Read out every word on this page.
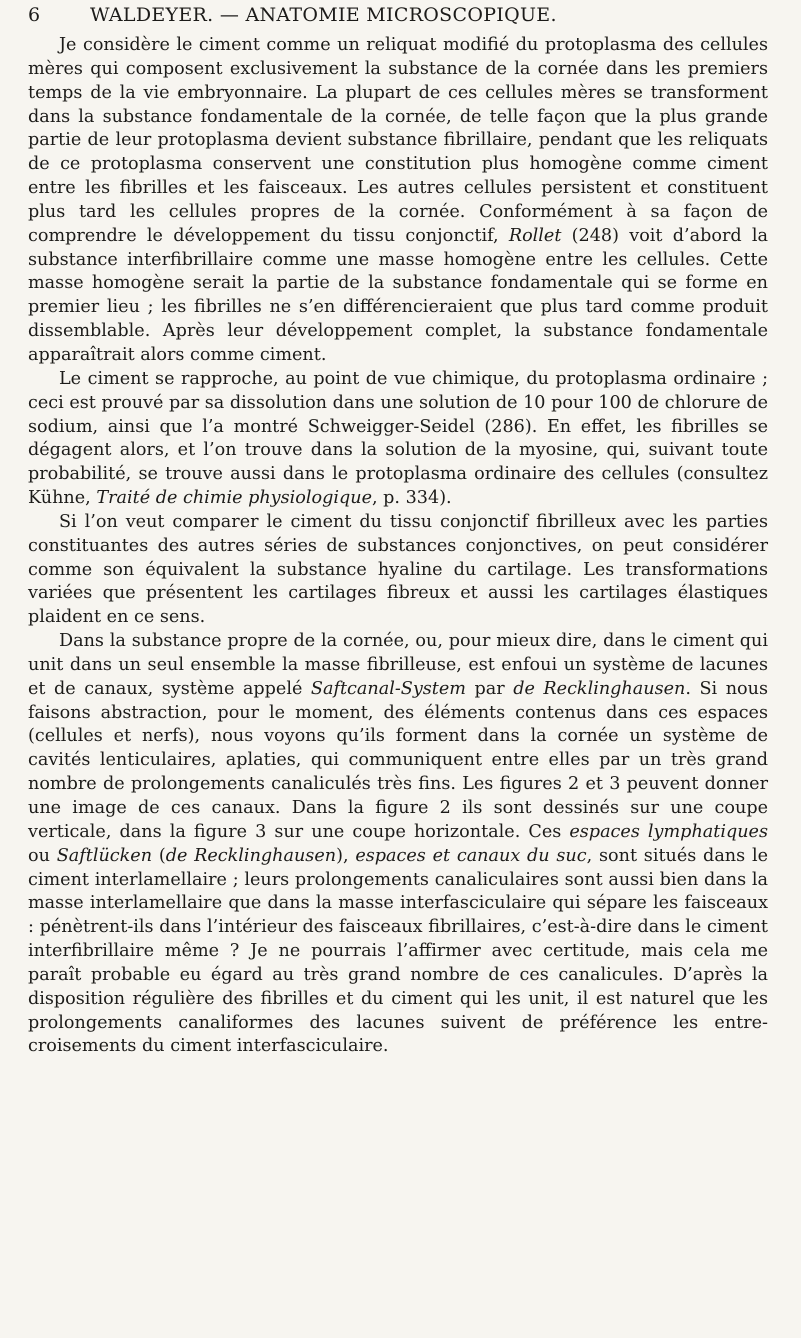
6	WALDEYER. — ANATOMIE MICROSCOPIQUE.

Je considère le ciment comme un reliquat modifié du protoplasma des cellules mères qui composent exclusivement la substance de la cornée dans les premiers temps de la vie embryonnaire. La plupart de ces cellules mères se transforment dans la substance fondamentale de la cornée, de telle façon que la plus grande partie de leur protoplasma devient substance fibrillaire, pendant que les reliquats de ce protoplasma conservent une constitution plus homogène comme ciment entre les fibrilles et les faisceaux. Les autres cellules persistent et constituent plus tard les cellules propres de la cornée. Conformément à sa façon de comprendre le développement du tissu conjonctif, Rollet (248) voit d’abord la substance interfibrillaire comme une masse homogène entre les cellules. Cette masse homogène serait la partie de la substance fondamentale qui se forme en premier lieu ; les fibrilles ne s’en différencieraient que plus tard comme produit dissemblable. Après leur développement complet, la substance fondamentale apparaîtrait alors comme ciment.

Le ciment se rapproche, au point de vue chimique, du protoplasma ordinaire ; ceci est prouvé par sa dissolution dans une solution de 10 pour 100 de chlorure de sodium, ainsi que l’a montré Schweigger-Seidel (286). En effet, les fibrilles se dégagent alors, et l’on trouve dans la solution de la myosine, qui, suivant toute probabilité, se trouve aussi dans le protoplasma ordinaire des cellules (consultez Kühne, Traité de chimie physiologique, p. 334).

Si l’on veut comparer le ciment du tissu conjonctif fibrilleux avec les parties constituantes des autres séries de substances conjonctives, on peut considérer comme son équivalent la substance hyaline du cartilage. Les transformations variées que présentent les cartilages fibreux et aussi les cartilages élastiques plaident en ce sens.

Dans la substance propre de la cornée, ou, pour mieux dire, dans le ciment qui unit dans un seul ensemble la masse fibrilleuse, est enfoui un système de lacunes et de canaux, système appelé Saftcanal-System par de Recklinghausen. Si nous faisons abstraction, pour le moment, des éléments contenus dans ces espaces (cellules et nerfs), nous voyons qu’ils forment dans la cornée un système de cavités lenticulaires, aplaties, qui communiquent entre elles par un très grand nombre de prolongements canaliculés très fins. Les figures 2 et 3 peuvent donner une image de ces canaux. Dans la figure 2 ils sont dessinés sur une coupe verticale, dans la figure 3 sur une coupe horizontale. Ces espaces lymphatiques ou Saftlücken (de Recklinghausen), espaces et canaux du suc, sont situés dans le ciment interlamellaire ; leurs prolongements canaliculaires sont aussi bien dans la masse interlamellaire que dans la masse interfasciculaire qui sépare les faisceaux : pénètrent-ils dans l’intérieur des faisceaux fibrillaires, c’est-à-dire dans le ciment interfibrillaire même ? Je ne pourrais l’affirmer avec certitude, mais cela me paraît probable eu égard au très grand nombre de ces canalicules. D’après la disposition régulière des fibrilles et du ciment qui les unit, il est naturel que les prolongements canaliformes des lacunes suivent de préférence les entre-croisements du ciment interfasciculaire.
